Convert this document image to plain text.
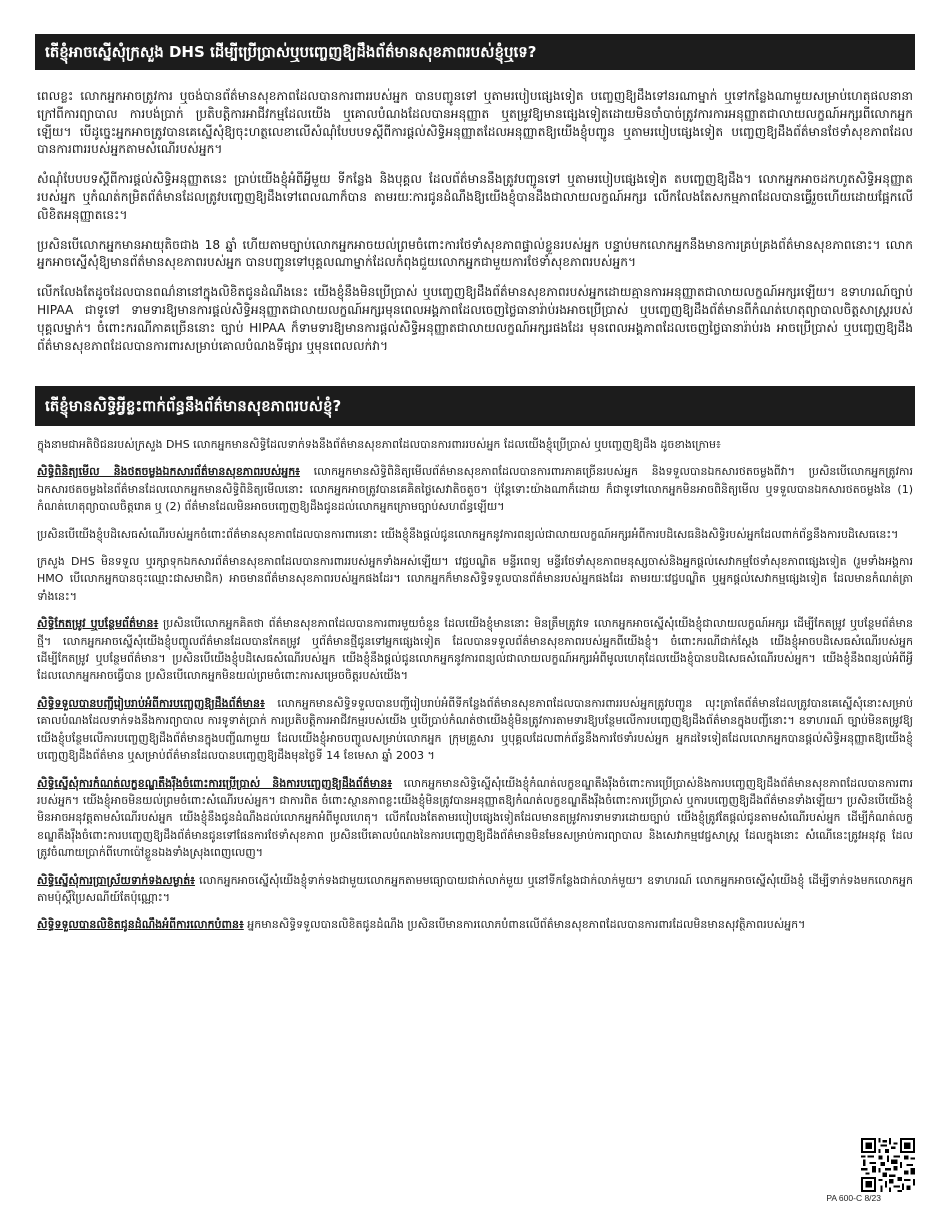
តើខ្ញុំអាចស្នើសុំក្រសួង DHS ដើម្បីប្រើប្រាស់ឬបញ្ចេញឱ្យដឹងព័ត៌មានសុខភាពរបស់ខ្ញុំឬទេ?

ពេលខ្លះ លោកអ្នកអាចត្រូវការ ឬចង់បានព័ត៌មានសុខភាពដែលបានការពាររបស់អ្នក បានបញ្ជូនទៅ ឬតាមរបៀបផ្សេងទៀត បញ្ចេញឱ្យដឹងទៅនរណាម្នាក់ ឬទៅកន្លែងណាមួយសម្រាប់ហេតុផលនានាក្រៅពីការព្យាបាល ការបង់ប្រាក់ ប្រតិបត្តិការអាជីវកម្មដែលយើង ឬគោលបំណងដែលបានអនុញ្ញាត ឬតម្រូវឱ្យមានផ្សេងទៀតដោយមិនចាំបាច់ត្រូវការការអនុញ្ញាតជាលាយលក្ខណ៍អក្សរពីលោកអ្នកឡើយ។ បើដូច្នេះអ្នកអាចត្រូវបានគេស្នើសុំឱ្យចុះហត្ថលេខាលើសំណុំបែបបទស្តីពីការផ្តល់សិទ្ធិអនុញ្ញាតដែលអនុញ្ញាតឱ្យយើងខ្ញុំបញ្ជូន ឬតាមរបៀបផ្សេងទៀត បញ្ចេញឱ្យដឹងព័ត៌មានថែទាំសុខភាពដែលបានការពាររបស់អ្នកតាមសំណើរបស់អ្នក។

សំណុំបែបបទស្តីពីការផ្តល់សិទ្ធិអនុញ្ញាតនេះ ប្រាប់យើងខ្ញុំអំពីអ្វីមួយ ទីកន្លែង និងបុគ្គល ដែលព័ត៌មាននឹងត្រូវបញ្ជូនទៅ ឬតាមរបៀបផ្សេងទៀត តបញ្ចេញឱ្យដឹង។ លោកអ្នកអាចដកហូតសិទ្ធិអនុញ្ញាតរបស់អ្នក ឬកំណត់កម្រិតព័ត៌មានដែលត្រូវបញ្ចេញឱ្យដឹងទៅពេលណាក៏បាន តាមរយៈការជូនដំណឹងឱ្យយើងខ្ញុំបានដឹងជាលាយលក្ខណ៍អក្សរ លើកលែងតែសកម្មភាពដែលបានធ្វើរួចហើយដោយផ្អែកលើលិខិតអនុញ្ញាតនេះ។

ប្រសិនបើលោកអ្នកមានអាយុតិចជាង 18 ឆ្នាំ ហើយតាមច្បាប់លោកអ្នកអាចយល់ព្រមចំពោះការថែទាំសុខភាពផ្ទាល់ខ្លួនរបស់អ្នក បន្ទាប់មកលោកអ្នកនឹងមានការគ្រប់គ្រងព័ត៌មានសុខភាពនោះ។ លោកអ្នកអាចស្នើសុំឱ្យមានព័ត៌មានសុខភាពរបស់អ្នក បានបញ្ជូនទៅបុគ្គលណាម្នាក់ដែលកំពុងជួយលោកអ្នកជាមួយការថែទាំសុខភាពរបស់អ្នក។

លើកលែងតែដូចដែលបានពណ៌នានៅក្នុងលិខិតជូនដំណឹងនេះ យើងខ្ញុំនឹងមិនប្រើប្រាស់ ឬបញ្ចេញឱ្យដឹងព័ត៌មានសុខភាពរបស់អ្នកដោយគ្មានការអនុញ្ញាតជាលាយលក្ខណ៍អក្សរឡើយ។ ឧទាហរណ៍ច្បាប់ HIPAA ជាទូទៅ ទាមទារឱ្យមានការផ្តល់សិទ្ធិអនុញ្ញាតជាលាយលក្ខណ៍អក្សរមុនពេលអង្គភាពដែលចេញថ្លៃធានារ៉ាប់រងអាចប្រើប្រាស់ ឬបញ្ចេញឱ្យដឹងព័ត៌មានពីកំណត់ហេតុព្យាបាលចិត្តសាស្ត្ររបស់បុគ្គលម្នាក់។ ចំពោះករណីភាគច្រើននោះ ច្បាប់ HIPAA ក៏ទាមទារឱ្យមានការផ្តល់សិទ្ធិអនុញ្ញាតជាលាយលក្ខណ៍អក្សរផងដែរ មុនពេលអង្គភាពដែលចេញថ្លៃធានារ៉ាប់រង អាចប្រើប្រាស់ ឬបញ្ចេញឱ្យដឹងព័ត៌មានសុខភាពដែលបានការពារសម្រាប់គោលបំណងទីផ្សារ ឬមុនពេលលក់វា។

តើខ្ញុំមានសិទ្ធិអ្វីខ្លះពាក់ព័ន្ធនឹងព័ត៌មានសុខភាពរបស់ខ្ញុំ?

ក្នុងនាមជាអតិថិជនរបស់ក្រសួង DHS លោកអ្នកមានសិទ្ធិដែលទាក់ទងនឹងព័ត៌មានសុខភាពដែលបានការពាររបស់អ្នក ដែលយើងខ្ញុំប្រើប្រាស់ ឬបញ្ចេញឱ្យដឹង ដូចខាងក្រោម៖

សិទ្ធិពិនិត្យមើល និងថតចម្លងឯកសារព័ត៌មានសុខភាពរបស់អ្នក៖ លោកអ្នកមានសិទ្ធិពិនិត្យមើលព័ត៌មានសុខភាពដែលបានការពារភាគច្រើនរបស់អ្នក និងទទួលបានឯកសារថតចម្លងពីវា។ ប្រសិនបើលោកអ្នកត្រូវការឯកសារថតចម្លងនៃព័ត៌មានដែលលោកអ្នកមានសិទ្ធិពិនិត្យមើលនោះ លោកអ្នកអាចត្រូវបានគេគិតថ្លៃសេវាតិចតួច។ ប៉ុន្តែទោះយ៉ាងណាក៏ដោយ ក៏ជាទូទៅលោកអ្នកមិនអាចពិនិត្យមើល ឬទទួលបានឯកសារថតចម្លងនៃ (1) កំណត់ហេតុព្យាបាលចិត្តរោគ ឬ (2) ព័ត៌មានដែលមិនអាចបញ្ចេញឱ្យដឹងជូនដល់លោកអ្នកក្រោមច្បាប់សហព័ន្ធឡើយ។

ប្រសិនបើយើងខ្ញុំបដិសេធសំណើរបស់អ្នកចំពោះព័ត៌មានសុខភាពដែលបានការពារនោះ យើងខ្ញុំនឹងផ្តល់ជូនលោកអ្នកនូវការពន្យល់ជាលាយលក្ខណ៍អក្សរអំពីការបដិសេធនិងសិទ្ធិរបស់អ្នកដែលពាក់ព័ន្ធនឹងការបដិសេធនេះ។

ក្រសួង DHS មិនទទួល ឬរក្សាទុកឯកសារព័ត៌មានសុខភាពដែលបានការពាររបស់អ្នកទាំងអស់ឡើយ។ វេជ្ជបណ្ឌិត មន្ទីរពេទ្យ មន្ទីរថែទាំសុខភាពមនុស្សចាស់និងអ្នកផ្តល់សេវាកម្មថែទាំសុខភាពផ្សេងទៀត (រួមទាំងអង្គការ HMO បើលោកអ្នកបានចុះឈ្មោះជាសមាជិក) អាចមានព័ត៌មានសុខភាពរបស់អ្នកផងដែរ។ លោកអ្នកក៏មានសិទ្ធិទទួលបានព័ត៌មានរបស់អ្នកផងដែរ តាមរយៈវេជ្ជបណ្ឌិត ឬអ្នកផ្តល់សេវាកម្មផ្សេងទៀត ដែលមានកំណត់ត្រាទាំងនេះ។

សិទ្ធិកែតម្រូវ ឬបន្ថែមព័ត៌មាន៖ ប្រសិនបើលោកអ្នកគិតថា ព័ត៌មានសុខភាពដែលបានការពារមួយចំនួន ដែលយើងខ្ញុំមាននោះ មិនត្រឹមត្រូវទេ លោកអ្នកអាចស្នើសុំយើងខ្ញុំជាលាយលក្ខណ៍អក្សរ ដើម្បីកែតម្រូវ ឬបន្ថែមព័ត៌មានថ្មី។ លោកអ្នកអាចស្នើសុំយើងខ្ញុំបញ្ចូលព័ត៌មានដែលបានកែតម្រូវ ឬព័ត៌មានថ្មីជូនទៅអ្នកផ្សេងទៀត ដែលបានទទួលព័ត៌មានសុខភាពរបស់អ្នកពីយើងខ្ញុំ។ ចំពោះករណីជាក់ស្តែង យើងខ្ញុំអាចបដិសេធសំណើរបស់អ្នក ដើម្បីកែតម្រូវ ឬបន្ថែមព័ត៌មាន។ ប្រសិនបើយើងខ្ញុំបដិសេធសំណើរបស់អ្នក យើងខ្ញុំនឹងផ្តល់ជូនលោកអ្នកនូវការពន្យល់ជាលាយលក្ខណ៍អក្សរអំពីមូលហេតុដែលយើងខ្ញុំបានបដិសេធសំណើរបស់អ្នក។ យើងខ្ញុំនឹងពន្យល់អំពីអ្វីដែលលោកអ្នកអាចធ្វើបាន ប្រសិនបើលោកអ្នកមិនយល់ព្រមចំពោះការសម្រេចចិត្តរបស់យើង។

សិទ្ធិទទួលបានបញ្ជីរៀបរាប់អំពីការបញ្ចេញឱ្យដឹងព័ត៌មាន៖ លោកអ្នកមានសិទ្ធិទទួលបានបញ្ជីរៀបរាប់អំពីទីកន្លែងព័ត៌មានសុខភាពដែលបានការពាររបស់អ្នកត្រូវបញ្ជូន លុះត្រាតែព័ត៌មានដែលត្រូវបានគេស្នើសុំនោះសម្រាប់គោលបំណងដែលទាក់ទងនឹងការព្យាបាល ការទូទាត់ប្រាក់ ការប្រតិបត្តិការអាជីវកម្មរបស់យើង ឬបើប្រាប់កំណត់ថាយើងខ្ញុំមិនត្រូវការតាមទារឱ្យបន្ថែមលើការបញ្ចេញឱ្យដឹងព័ត៌មានក្នុងបញ្ជីនោះ។ ឧទាហរណ៍ ច្បាប់មិនតម្រូវឱ្យយើងខ្ញុំបន្ថែមលើការបញ្ចេញឱ្យដឹងព័ត៌មានក្នុងបញ្ជីណាមួយ ដែលយើងខ្ញុំអាចបញ្ចូលសម្រាប់លោកអ្នក ក្រុមគ្រួសារ ឬបុគ្គលដែលពាក់ព័ន្ធនឹងការថែទាំរបស់អ្នក អ្នកដទៃទៀតដែលលោកអ្នកបានផ្តល់សិទ្ធិអនុញ្ញាតឱ្យយើងខ្ញុំបញ្ចេញឱ្យដឹងព័ត៌មាន ឬសម្រាប់ព័ត៌មានដែលបានបញ្ចេញឱ្យដឹងមុនថ្ងៃទី 14 ខែមេសា ឆ្នាំ 2003 ។

សិទ្ធិស្នើសុំការកំណត់លក្ខខណ្ឌតឹងរ៉ឹងចំពោះការប្រើប្រាស់ និងការបញ្ចេញឱ្យដឹងព័ត៌មាន៖ លោកអ្នកមានសិទ្ធិស្នើសុំយើងខ្ញុំកំណត់លក្ខខណ្ឌតឹងរ៉ឹងចំពោះការប្រើប្រាស់និងការបញ្ចេញឱ្យដឹងព័ត៌មានសុខភាពដែលបានការពាររបស់អ្នក។ យើងខ្ញុំអាចមិនយល់ព្រមចំពោះសំណើរបស់អ្នក។ ជាការពិត ចំពោះស្ថានភាពខ្លះយើងខ្ញុំមិនត្រូវបានអនុញ្ញាតឱ្យកំណត់លក្ខខណ្ឌតឹងរ៉ឹងចំពោះការប្រើប្រាស់ ឬការបញ្ចេញឱ្យដឹងព័ត៌មានទាំងឡើយ។ ប្រសិនបើយើងខ្ញុំមិនអាចអនុវត្តតាមសំណើរបស់អ្នក យើងខ្ញុំនឹងជូនដំណឹងដល់លោកអ្នកអំពីមូលហេតុ។ លើកលែងតែតាមរបៀបផ្សេងទៀតដែលមានតម្រូវការទាមទារដោយច្បាប់ យើងខ្ញុំត្រូវតែផ្តល់ជូនតាមសំណើរបស់អ្នក ដើម្បីកំណត់លក្ខខណ្ឌតឹងរ៉ឹងចំពោះការបញ្ចេញឱ្យដឹងព័ត៌មានជូនទៅផែនការថែទាំសុខភាព ប្រសិនបើគោលបំណងនៃការបញ្ចេញឱ្យដឹងព័ត៌មានមិនមែនសម្រាប់ការព្យាបាល និងសេវាកម្មវេជ្ជសាស្ត្រ ដែលក្នុងនោះ សំណើនេះត្រូវអនុវត្ត ដែលត្រូវចំណាយប្រាក់ពីហោប៉ៅខ្លួនឯងទាំងស្រុងពេញលេញ។

សិទ្ធិស្នើសុំការប្រាស្រ័យទាក់ទងសម្ងាត់៖ លោកអ្នកអាចស្នើសុំយើងខ្ញុំទាក់ទងជាមួយលោកអ្នកតាមមធ្យោបាយជាក់លាក់មួយ ឬនៅទីកន្លែងជាក់លាក់មួយ។ ឧទាហរណ៍ លោកអ្នកអាចស្នើសុំយើងខ្ញុំ ដើម្បីទាក់ទងមកលោកអ្នកតាមប៉ុស្តិ៍ប្រៃសណីយ៍តែប៉ុណ្ណោះ។

សិទ្ធិទទួលបានលិខិតជូនដំណឹងអំពីការលោកបំពាន៖ អ្នកមានសិទ្ធិទទួលបានលិខិតជូនដំណឹង ប្រសិនបើមានការលោភបំពានលើព័ត៌មានសុខភាពដែលបានការពារដែលមិនមានសុវត្ថិភាពរបស់អ្នក។

PA 600-C 8/23
